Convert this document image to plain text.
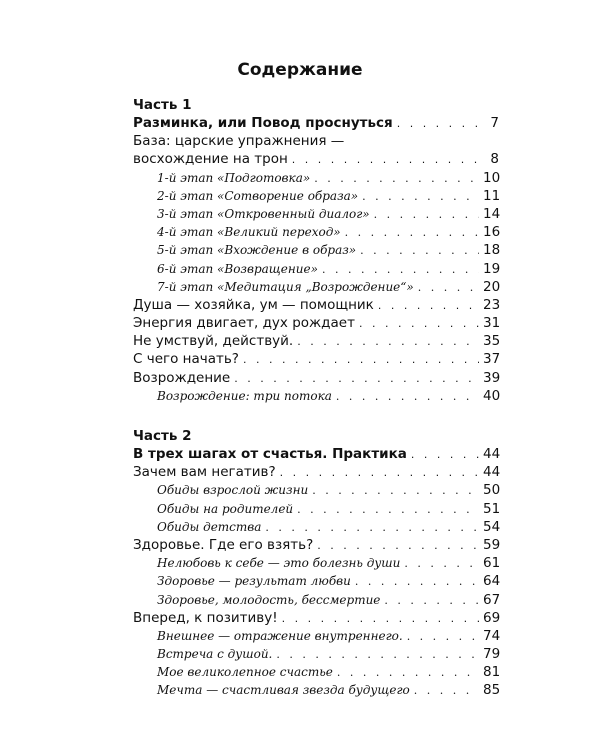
Содержание
Часть 1
Разминка, или Повод проснуться . . .	7
База: царские упражнения —
восхождение на трон . . .	8
1-й этап «Подготовка» . . .	10
2-й этап «Сотворение образа» . . .	11
3-й этап «Откровенный диалог» . . .	14
4-й этап «Великий переход» . . .	16
5-й этап «Вхождение в образ» . . .	18
6-й этап «Возвращение» . . .	19
7-й этап «Медитация „Возрождение“» . . .	20
Душа — хозяйка, ум — помощник . . .	23
Энергия двигает, дух рождает . . .	31
Не умствуй, действуй. . . .	35
С чего начать? . . .	37
Возрождение . . .	39
Возрождение: три потока . . .	40
Часть 2
В трех шагах от счастья. Практика . . .	44
Зачем вам негатив? . . .	44
Обиды взрослой жизни . . .	50
Обиды на родителей . . .	51
Обиды детства . . .	54
Здоровье. Где его взять? . . .	59
Нелюбовь к себе — это болезнь души . . .	61
Здоровье — результат любви . . .	64
Здоровье, молодость, бессмертие . . .	67
Вперед, к позитиву! . . .	69
Внешнее — отражение внутреннего. . . .	74
Встреча с душой. . . .	79
Мое великолепное счастье . . .	81
Мечта — счастливая звезда будущего . . .	85
